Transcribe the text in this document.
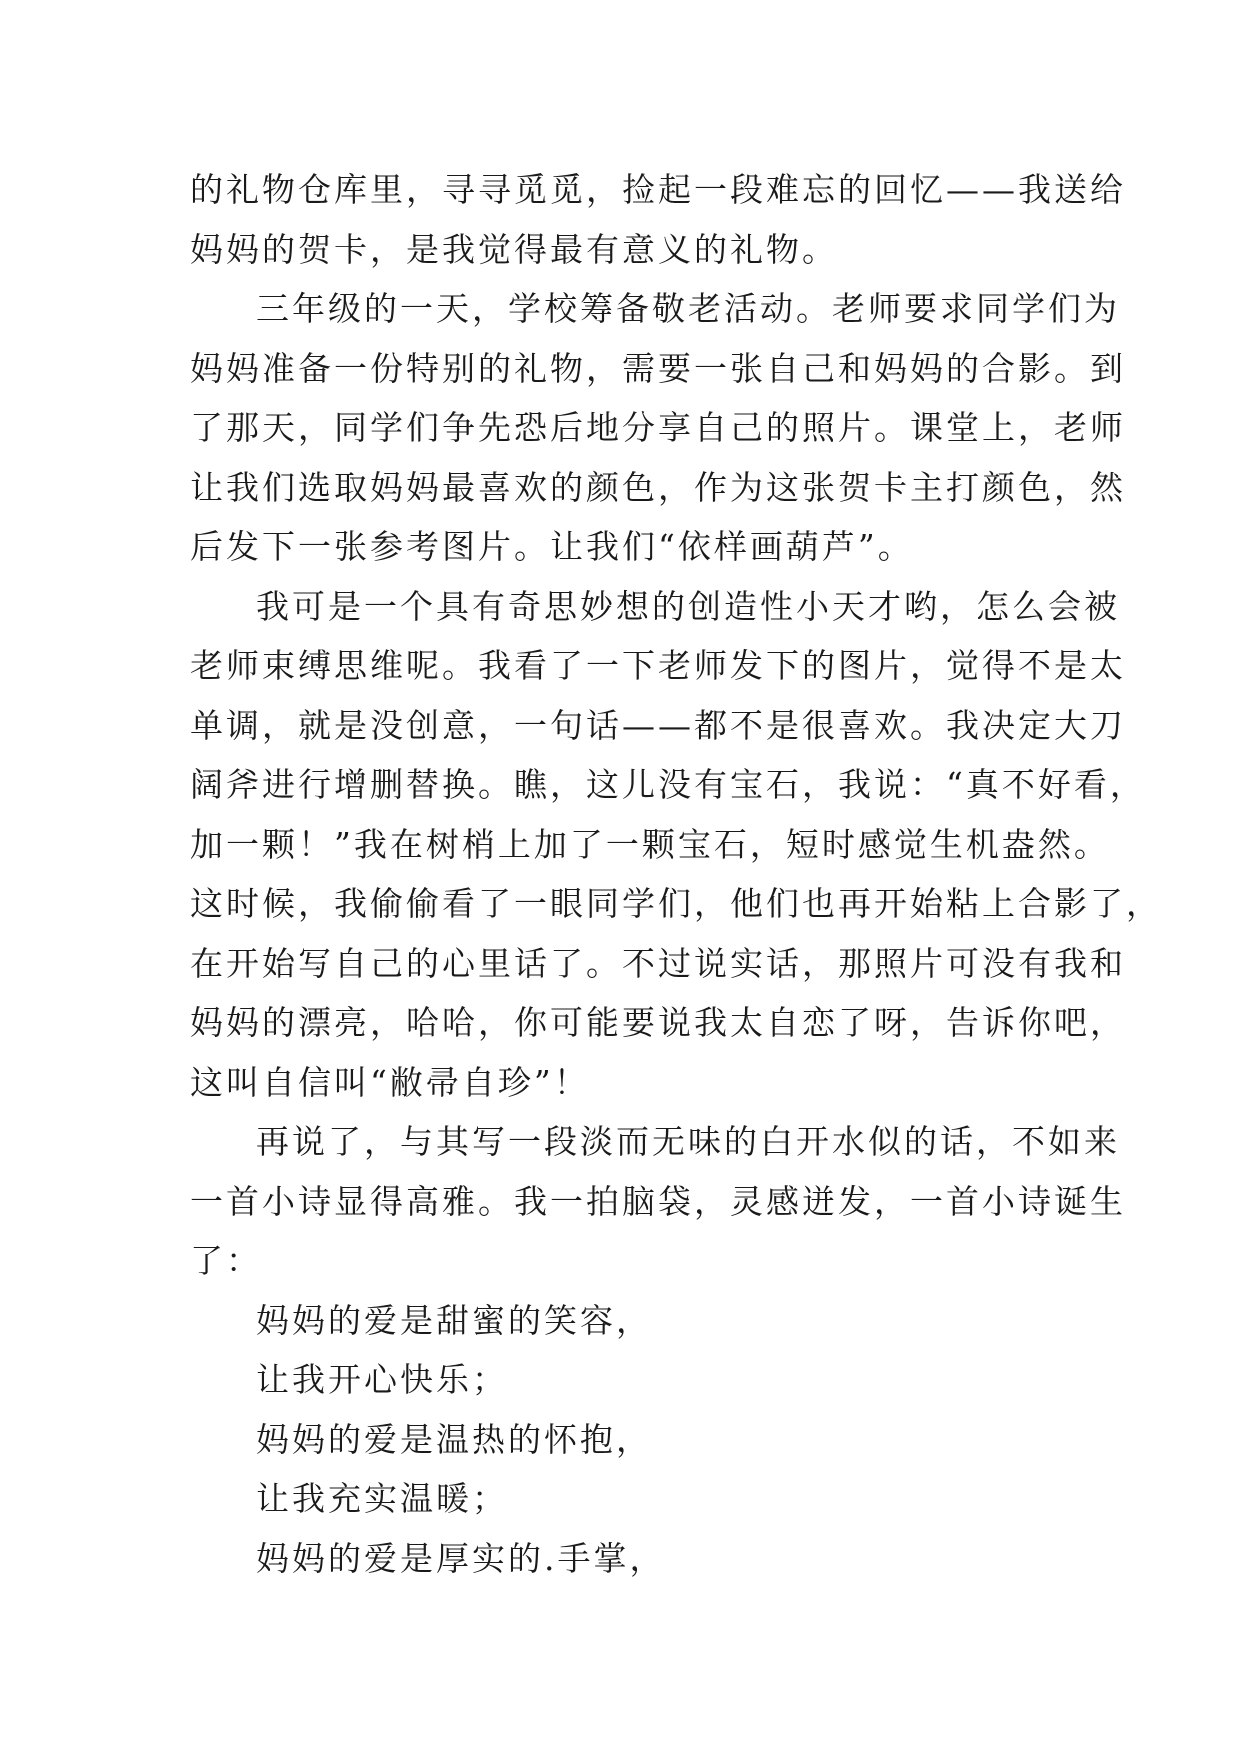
的礼物仓库里，寻寻觅觅，捡起一段难忘的回忆——我送给
妈妈的贺卡，是我觉得最有意义的礼物。
三年级的一天，学校筹备敬老活动。老师要求同学们为
妈妈准备一份特别的礼物，需要一张自己和妈妈的合影。到
了那天，同学们争先恐后地分享自己的照片。课堂上，老师
让我们选取妈妈最喜欢的颜色，作为这张贺卡主打颜色，然
后发下一张参考图片。让我们“依样画葫芦”。
我可是一个具有奇思妙想的创造性小天才哟，怎么会被
老师束缚思维呢。我看了一下老师发下的图片，觉得不是太
单调，就是没创意，一句话——都不是很喜欢。我决定大刀
阔斧进行增删替换。瞧，这儿没有宝石，我说：“真不好看，
加一颗！”我在树梢上加了一颗宝石，短时感觉生机盎然。
这时候，我偷偷看了一眼同学们，他们也再开始粘上合影了，
在开始写自己的心里话了。不过说实话，那照片可没有我和
妈妈的漂亮，哈哈，你可能要说我太自恋了呀，告诉你吧，
这叫自信叫“敝帚自珍”！
再说了，与其写一段淡而无味的白开水似的话，不如来
一首小诗显得高雅。我一拍脑袋，灵感迸发，一首小诗诞生
了：
妈妈的爱是甜蜜的笑容，
让我开心快乐；
妈妈的爱是温热的怀抱，
让我充实温暖；
妈妈的爱是厚实的.手掌，
